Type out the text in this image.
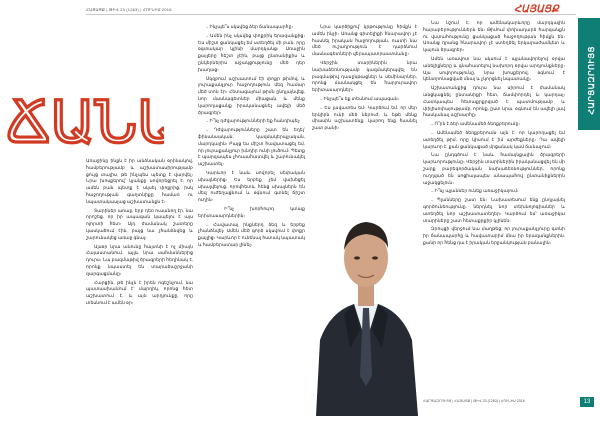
ՀԱՅԱՑՔ | ԹԻՎ 23 (1263) | ՀՈՒՆԻՍ 2016	ՀԱՅԱՑՔ
ՀԱՐՑԱԶՐՈՒՅՑ
ՃԱՆԱ

Առաջինը ինքն է իր անձնական օրինակով, համբերությամբ և աշխատասիրությամբ ցույց տալիս, թե ինչպես պետք է վարվել։ Նրա խոսքերով՝ կյանքը սովորեցրել է, որ ամեն բան պետք է սկսել փոքրից, իսկ հաջողության գաղտնիքը համառ ու նպատակասլաց աշխատանքն է։

Տարիներ առաջ, երբ դեռ ուսանող էր, նա որոշեց, որ իր ապագան կապելու է այս ոլորտի հետ։ Այդ ժամանակ շատերը կասկածում էին, բայց նա չհանձնվեց և շարունակեց առաջ գնալ։

Այսօր նրա անունը հայտնի է ոչ միայն Հայաստանում, այլև նրա սահմաններից դուրս։ Նա բազմաթիվ ծրագրերի հեղինակ է, որոնք նպաստել են տարածաշրջանի զարգացմանը։

Հարցին, թե ինչն է իրեն ոգեշնչում, նա պատասխանում է՝ մարդիկ, որոնց հետ աշխատում է, և այն արդյունքը, որը տեսնում է ամեն օր։

– Ինչպե՞ս սկսվեց ձեր ճանապարհը։

– Ամեն ինչ սկսվեց փոքրիկ երազանքից։ Ես միշտ ցանկացել եմ ստեղծել մի բան, որը օգտակար կլինի մարդկանց։ Առաջին քայլերը հեշտ չէին, բայց ընտանիքիս և ընկերներիս աջակցությունը մեծ դեր խաղաց։

Սկզբում աշխատում էի փոքր թիմով, և յուրաքանչյուր հաջողություն մեզ համար մեծ տոն էր։ Հետագայում թիմն ընդլայնվեց, նոր մասնագետներ միացան, և մենք կարողացանք իրականացնել ավելի մեծ ծրագրեր։

– Ի՞նչ դժվարությունների եք հանդիպել։

– Դժվարությունները շատ են եղել՝ ֆինանսական, կազմակերպչական, մարդկային։ Բայց ես միշտ հավատացել եմ, որ յուրաքանչյուր խնդիր ունի լուծում։ Պետք է պարզապես չհուսահատվել և շարունակել աշխատել։

Կարևոր է նաև սովորել սեփական սխալներից։ Ես երբեք չեմ վախեցել սխալվելուց, որովհետև հենց սխալներն են մեզ ուժեղացնում և օգնում գտնել ճիշտ ուղին։

– Ի՞նչ խորհուրդ կտաք երիտասարդներին։

– Հավատալ ինքներդ ձեզ և երբեք չհանձնվել։ Ամեն մեծ գործ սկսվում է փոքր քայլից։ Կարևոր է ունենալ հստակ նպատակ և համբերատար լինել։

Նրա կարծիքով՝ կրթությունը հիմքն է ամեն ինչի։ Առանց գիտելիքի հնարավոր չէ հասնել իրական հաջողության, ուստի նա մեծ ուշադրություն է դարձնում մասնագետների վերապատրաստմանը։

Վերջին տարիներին նրա նախաձեռնությամբ կազմակերպվել են բազմաթիվ դասընթացներ և սեմինարներ, որոնց մասնակցել են հարյուրավոր երիտասարդներ։

– Ինչպե՞ս եք տեսնում ապագան։

– Ես լավատես եմ։ Կարծում եմ, որ մեր երկիրն ունի մեծ ներուժ, և եթե մենք միասին աշխատենք, կարող ենք հասնել շատ բանի։

Նա նշում է, որ ամենակարևորը մարդկային հարաբերություններն են։ Թիմում փոխադարձ հարգանքն ու վստահությունը ցանկացած հաջողության հիմքն են։ Առանց դրանց հնարավոր չէ ստեղծել երկարաժամկետ և կայուն ծրագրեր։

Ամեն առավոտ նա սկսում է պլանավորելով օրվա անելիքները և գնահատելով նախորդ օրվա արդյունքները։ Այս սովորությունը, նրա խոսքերով, օգնում է կենտրոնացված մնալ և չկորցնել նպատակը։

Աշխատանքից դուրս նա սիրում է ժամանակ անցկացնել ընտանիքի հետ, ճամփորդել և կարդալ։ Հատկապես հետաքրքրված է պատմությամբ և փիլիսոփայությամբ, որոնք, ըստ նրա, օգնում են ավելի լավ հասկանալ աշխարհը։

– Ո՞րն է ձեր ամենամեծ ձեռքբերումը։

– Ամենամեծ ձեռքբերումս այն է, որ կարողացել եմ ստեղծել թիմ, որը կիսում է իմ արժեքները։ Դա ավելի կարևոր է, քան ցանկացած մրցանակ կամ ճանաչում։

Նա ընդգծում է նաև համայնքային ծրագրերի կարևորությունը։ Վերջին տարիներին իրականացվել են մի շարք բարեգործական նախաձեռնություններ, որոնք ուղղված են սոցիալապես անապահով ընտանիքներին աջակցելուն։

– Ի՞նչ պլաններ ունեք առաջիկայում։

– Պլանները շատ են։ Նախատեսում ենք ընդլայնել գործունեությունը, ներդնել նոր տեխնոլոգիաներ և ստեղծել նոր աշխատատեղեր։ Կարծում եմ՝ առաջիկա տարիները շատ հետաքրքիր կլինեն։

Զրույցի վերջում նա մաղթեց, որ յուրաքանչյուրը գտնի իր ճանապարհը և հավատարիմ մնա իր երազանքներին, քանի որ հենց դա է իրական երջանկության բանալին։

ՀԱՐՑԱԶՐՈՒՅՑ | ՀԱՅԱՑՔ | ԹԻՎ 23 (1263) | ՀՈՒՆԻՍ 2016	13
